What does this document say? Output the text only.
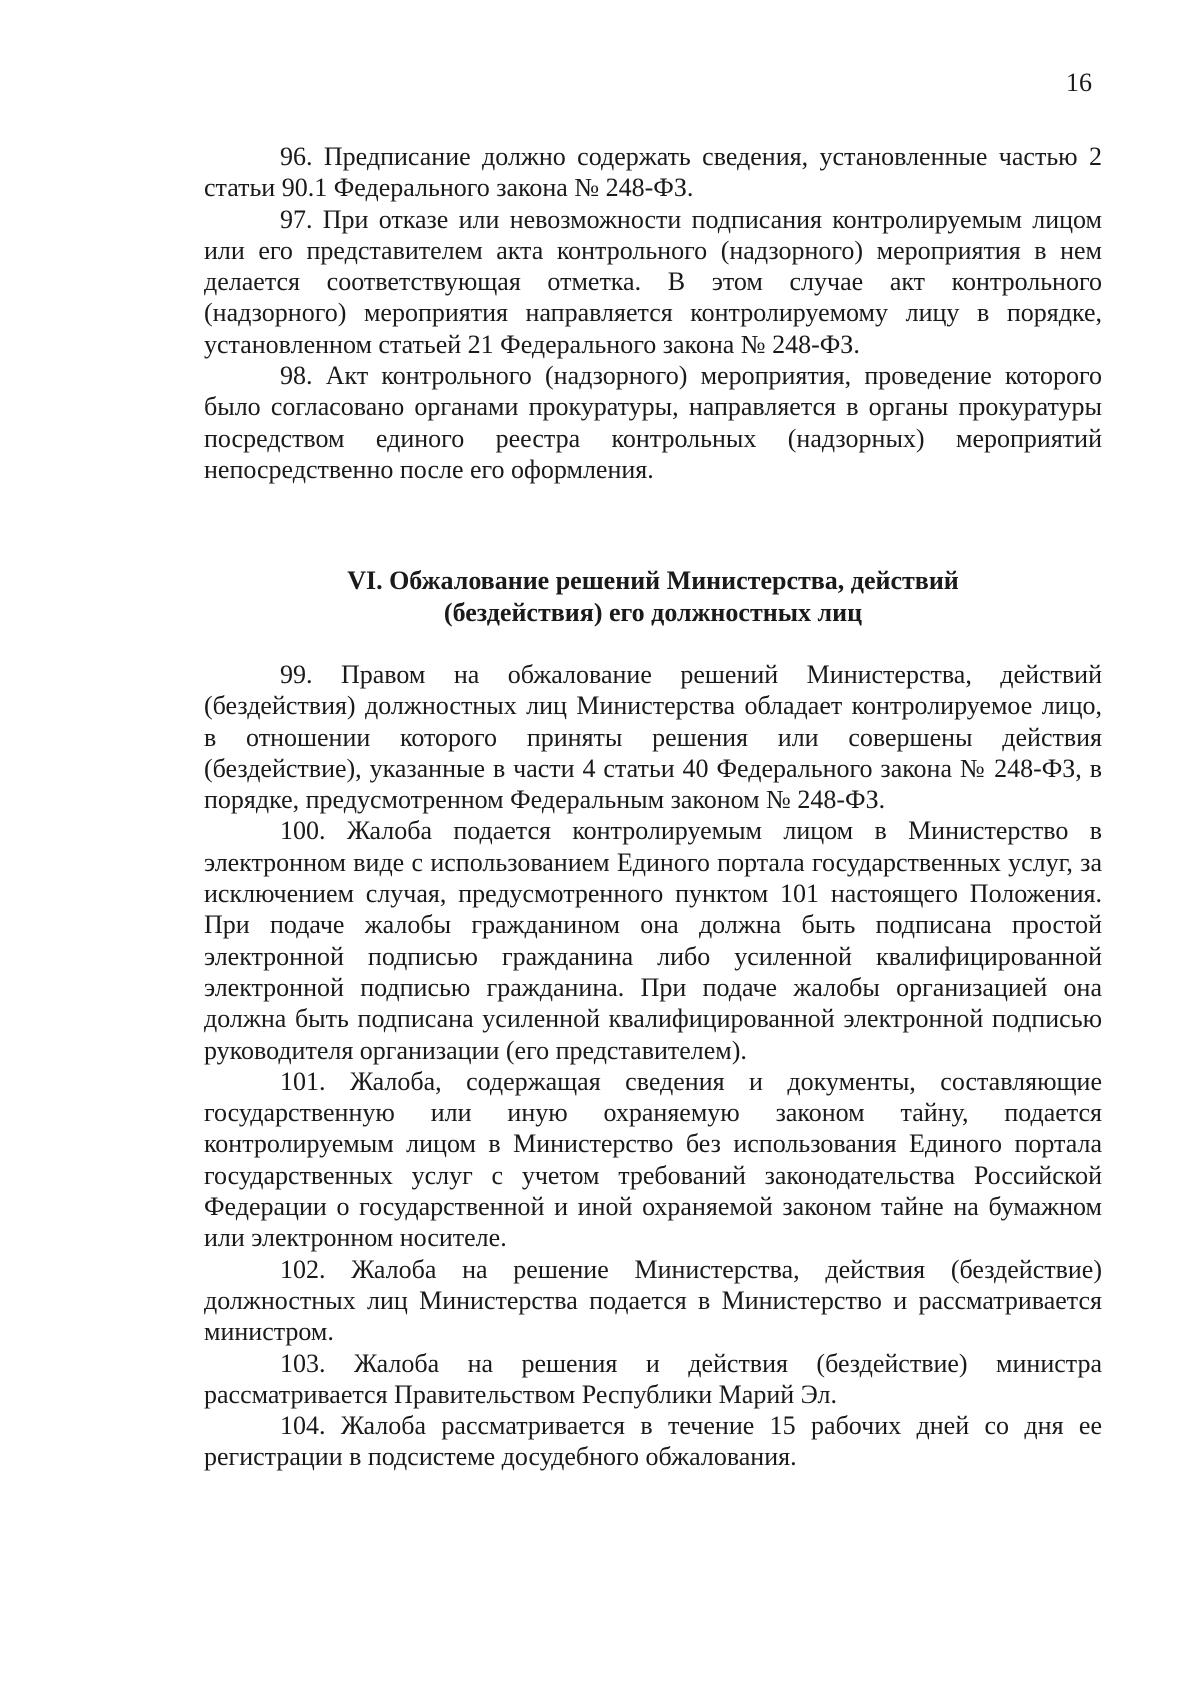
16

96. Предписание должно содержать сведения, установленные частью 2 статьи 90.1 Федерального закона № 248-ФЗ.

97. При отказе или невозможности подписания контролируемым лицом или его представителем акта контрольного (надзорного) мероприятия в нем делается соответствующая отметка. В этом случае акт контрольного (надзорного) мероприятия направляется контролируемому лицу в порядке, установленном статьей 21 Федерального закона № 248-ФЗ.

98. Акт контрольного (надзорного) мероприятия, проведение которого было согласовано органами прокуратуры, направляется в органы прокуратуры посредством единого реестра контрольных (надзорных) мероприятий непосредственно после его оформления.

VI. Обжалование решений Министерства, действий
(бездействия) его должностных лиц

99. Правом на обжалование решений Министерства, действий (бездействия) должностных лиц Министерства обладает контролируемое лицо, в отношении которого приняты решения или совершены действия (бездействие), указанные в части 4 статьи 40 Федерального закона № 248-ФЗ, в порядке, предусмотренном Федеральным законом № 248-ФЗ.

100. Жалоба подается контролируемым лицом в Министерство в электронном виде с использованием Единого портала государственных услуг, за исключением случая, предусмотренного пунктом 101 настоящего Положения. При подаче жалобы гражданином она должна быть подписана простой электронной подписью гражданина либо усиленной квалифицированной электронной подписью гражданина. При подаче жалобы организацией она должна быть подписана усиленной квалифицированной электронной подписью руководителя организации (его представителем).

101. Жалоба, содержащая сведения и документы, составляющие государственную или иную охраняемую законом тайну, подается контролируемым лицом в Министерство без использования Единого портала государственных услуг с учетом требований законодательства Российской Федерации о государственной и иной охраняемой законом тайне на бумажном или электронном носителе.

102. Жалоба на решение Министерства, действия (бездействие) должностных лиц Министерства подается в Министерство и рассматривается министром.

103. Жалоба на решения и действия (бездействие) министра рассматривается Правительством Республики Марий Эл.

104. Жалоба рассматривается в течение 15 рабочих дней со дня ее регистрации в подсистеме досудебного обжалования.
